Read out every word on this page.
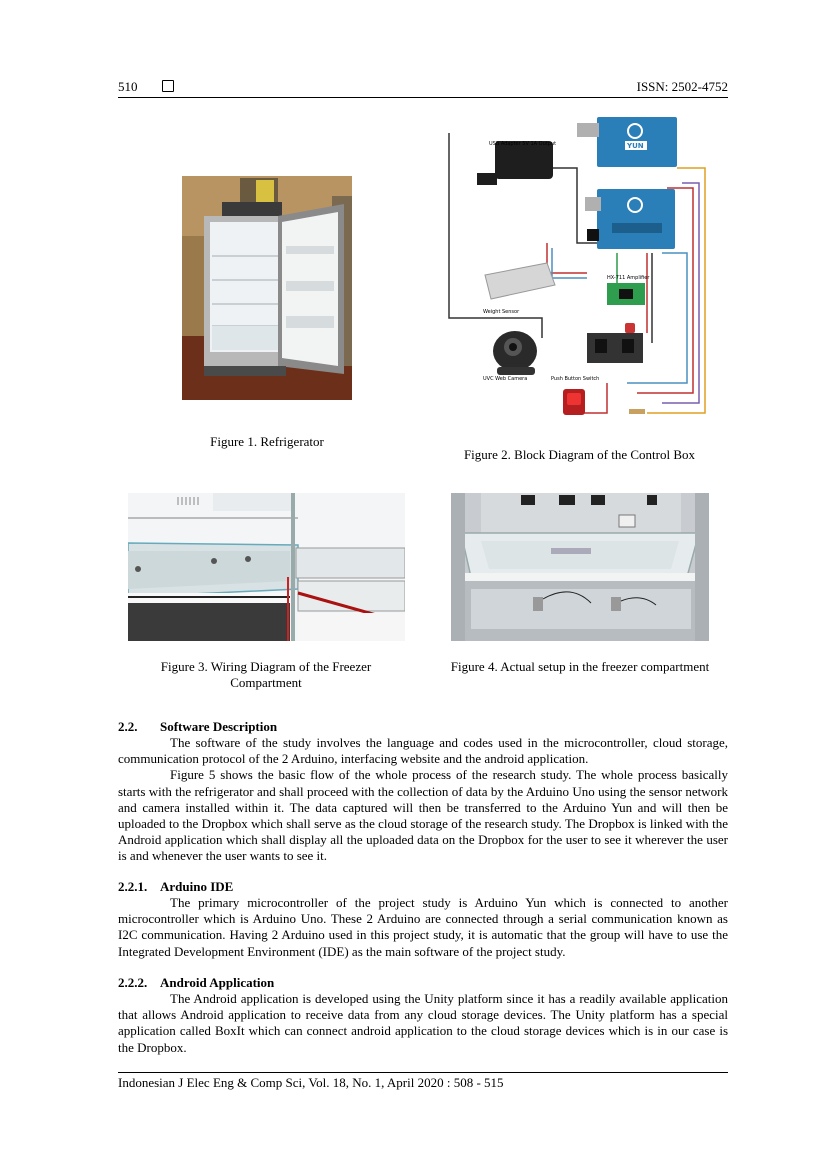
510	ISSN: 2502-4752
Figure 1. Refrigerator
USB Adapter 5V 1A Output	YUN
HX-711 Amplifier
Weight Sensor
UVC Web Camera	Push Button Switch
Figure 2. Block Diagram of the Control Box
Figure 3. Wiring Diagram of the Freezer Compartment
Figure 4. Actual setup in the freezer compartment
2.2. Software Description

The software of the study involves the language and codes used in the microcontroller, cloud storage, communication protocol of the 2 Arduino, interfacing website and the android application.

Figure 5 shows the basic flow of the whole process of the research study. The whole process basically starts with the refrigerator and shall proceed with the collection of data by the Arduino Uno using the sensor network and camera installed within it. The data captured will then be transferred to the Arduino Yun and will then be uploaded to the Dropbox which shall serve as the cloud storage of the research study. The Dropbox is linked with the Android application which shall display all the uploaded data on the Dropbox for the user to see it wherever the user is and whenever the user wants to see it.

2.2.1. Arduino IDE

The primary microcontroller of the project study is Arduino Yun which is connected to another microcontroller which is Arduino Uno. These 2 Arduino are connected through a serial communication known as I2C communication. Having 2 Arduino used in this project study, it is automatic that the group will have to use the Integrated Development Environment (IDE) as the main software of the project study.

2.2.2. Android Application

The Android application is developed using the Unity platform since it has a readily available application that allows Android application to receive data from any cloud storage devices. The Unity platform has a special application called BoxIt which can connect android application to the cloud storage devices which is in our case is the Dropbox.

Indonesian J Elec Eng & Comp Sci, Vol. 18, No. 1, April 2020 : 508 - 515
